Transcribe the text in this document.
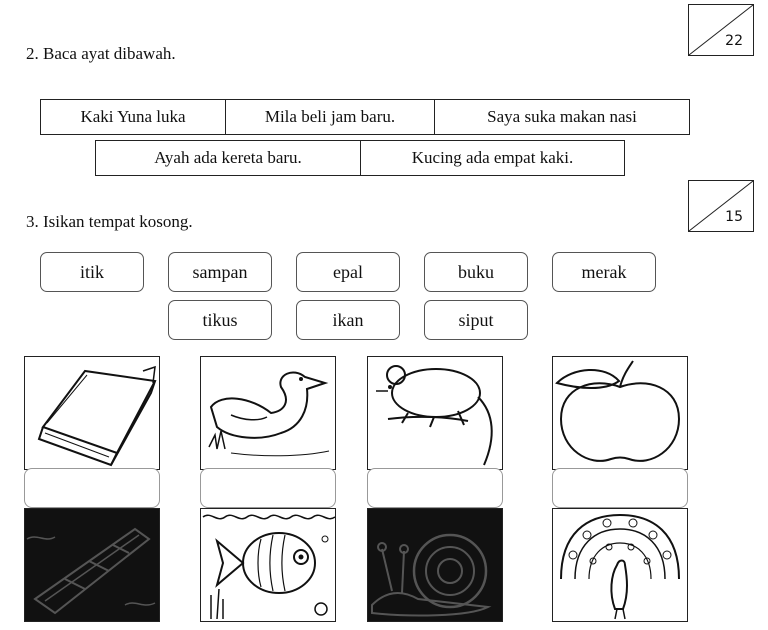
22
15
2. Baca ayat dibawah.
Kaki Yuna luka	Mila beli jam baru.	Saya suka makan nasi
Ayah ada kereta baru.	Kucing ada empat kaki.
3. Isikan tempat kosong.
itik	sampan	epal	buku	merak
tikus	ikan	siput
